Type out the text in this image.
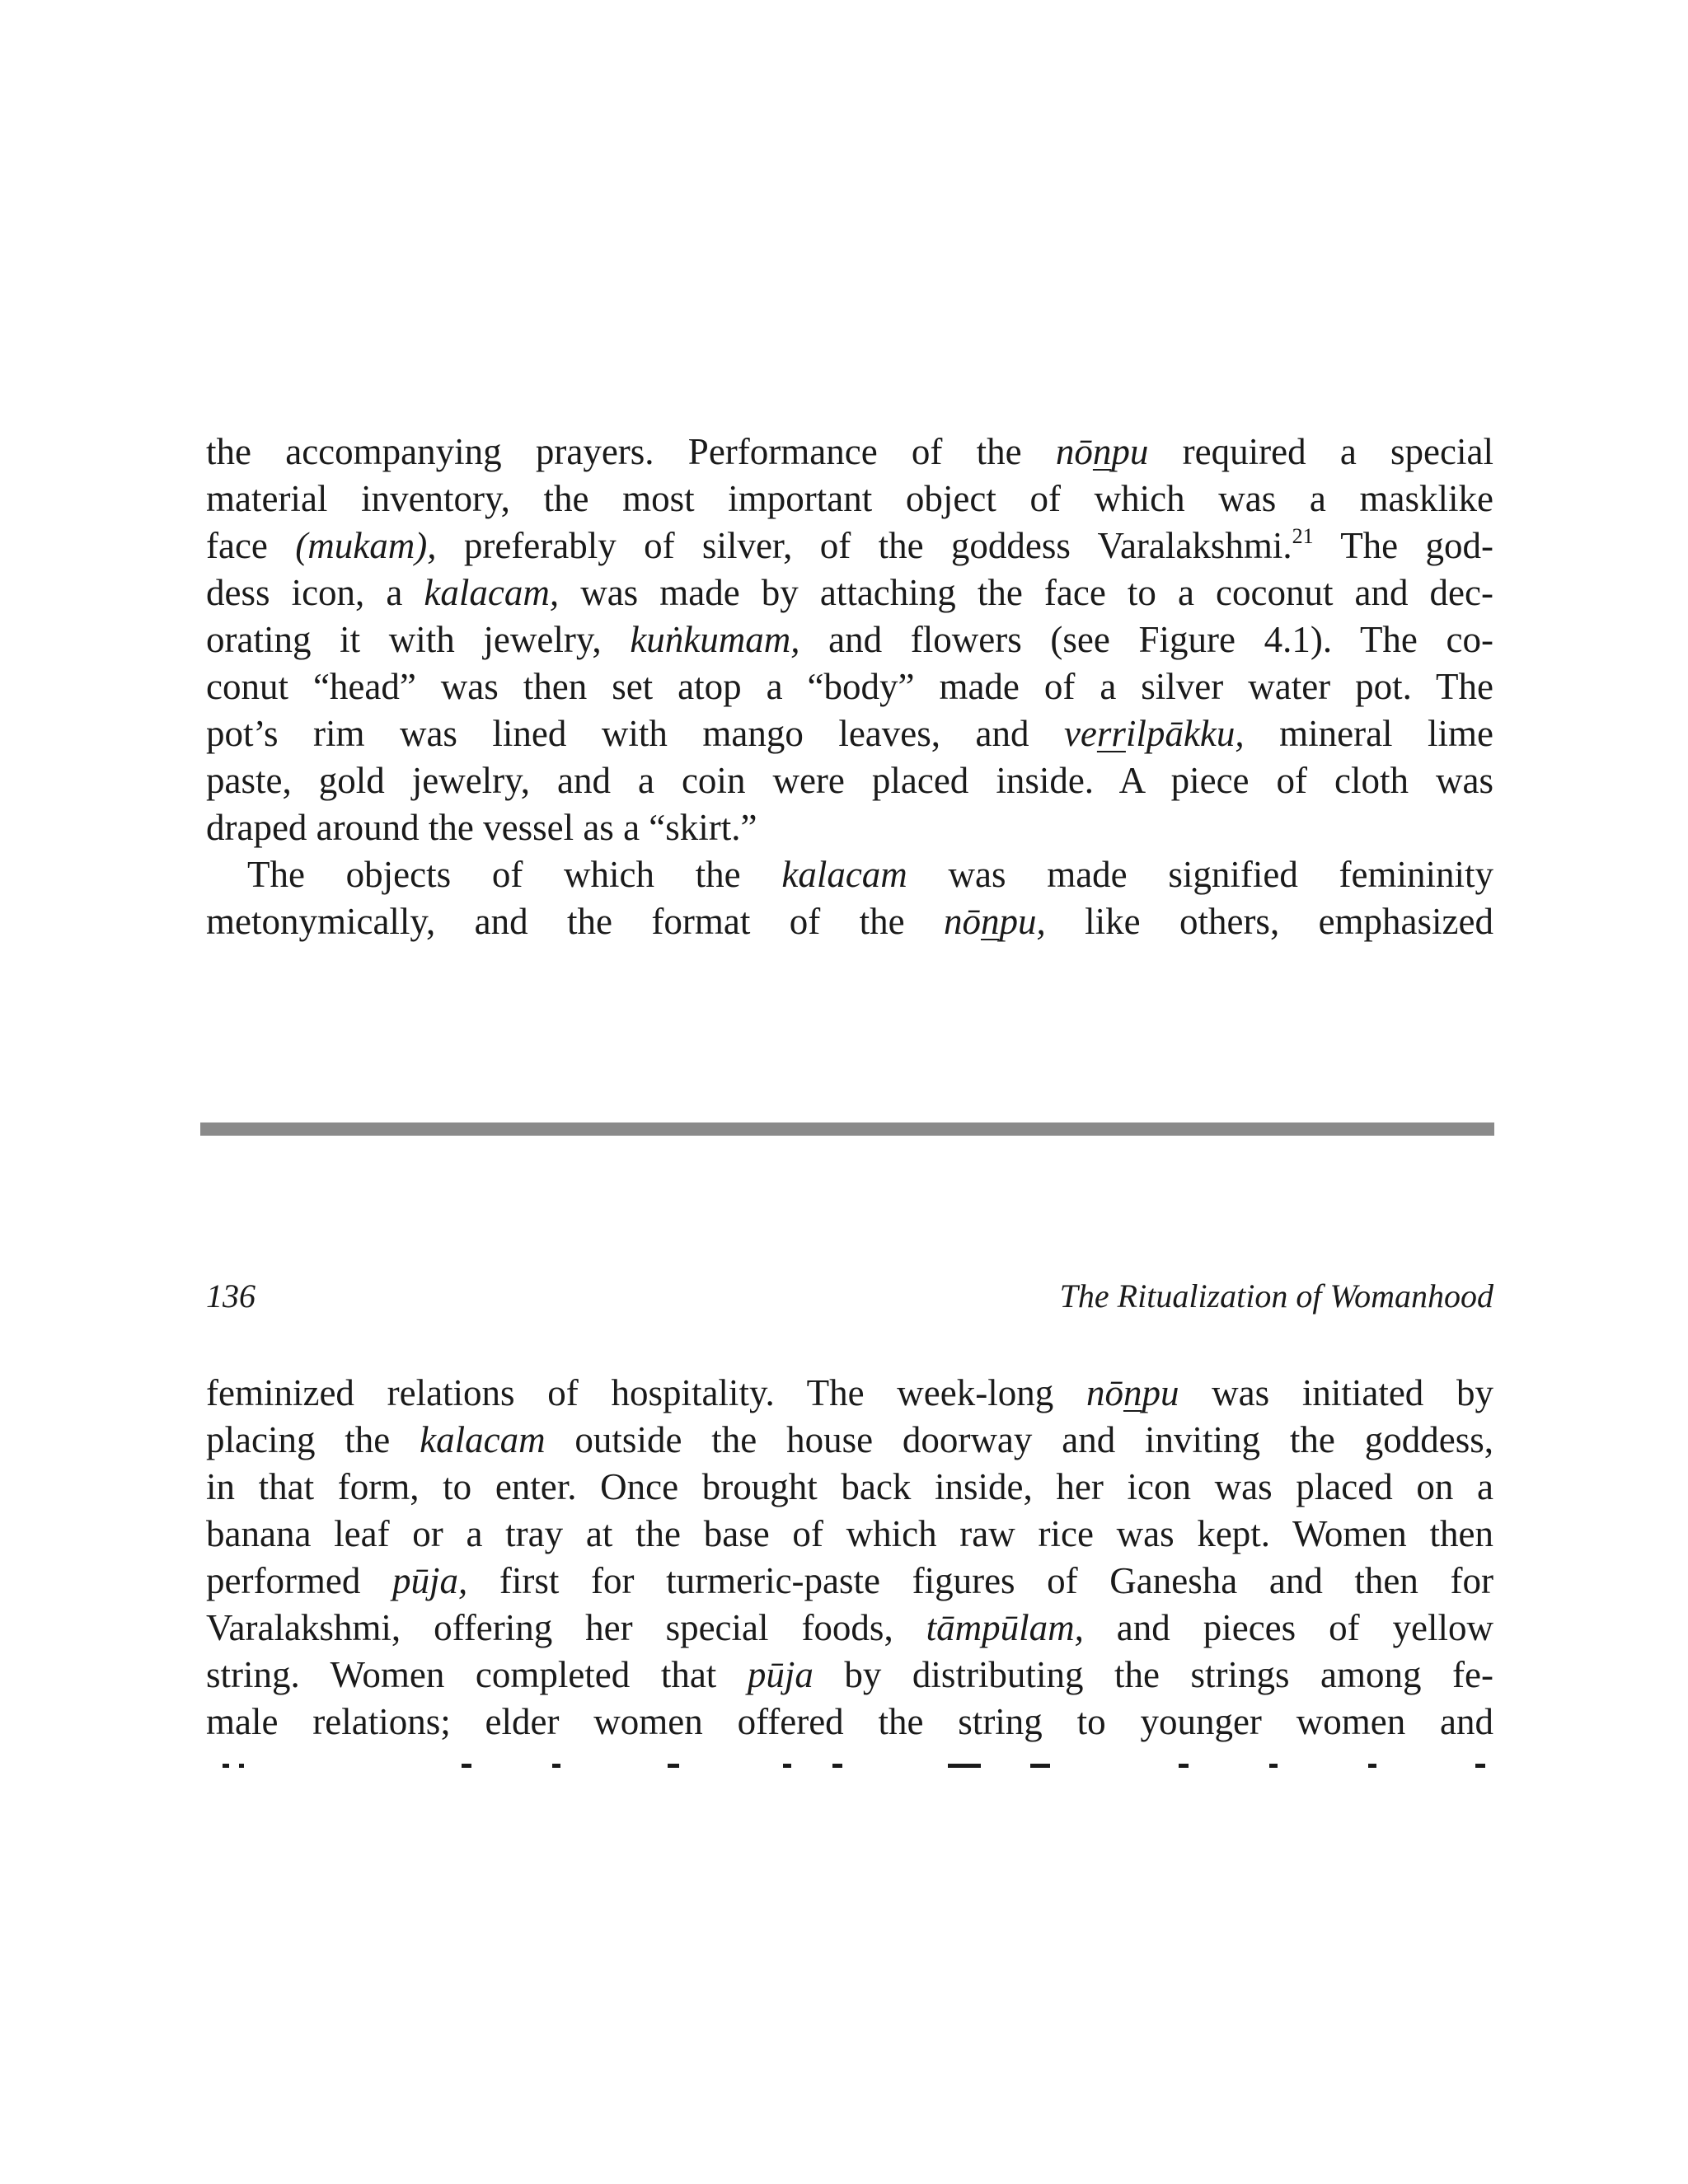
the accompanying prayers. Performance of the nōnpu required a special
material inventory, the most important object of which was a masklike
face (mukam), preferably of silver, of the goddess Varalakshmi.$^{21}$ The god-
dess icon, a kalacam, was made by attaching the face to a coconut and dec-
orating it with jewelry, kuṅkumam, and flowers (see Figure 4.1). The co-
conut “head” was then set atop a “body” made of a silver water pot. The
pot’s rim was lined with mango leaves, and verrilpākku, mineral lime
paste, gold jewelry, and a coin were placed inside. A piece of cloth was
draped around the vessel as a “skirt.”
The objects of which the kalacam was made signified femininity
metonymically, and the format of the nōnpu, like others, emphasized
136	The Ritualization of Womanhood
feminized relations of hospitality. The week-long nōnpu was initiated by
placing the kalacam outside the house doorway and inviting the goddess,
in that form, to enter. Once brought back inside, her icon was placed on a
banana leaf or a tray at the base of which raw rice was kept. Women then
performed pūja, first for turmeric-paste figures of Ganesha and then for
Varalakshmi, offering her special foods, tāmpūlam, and pieces of yellow
string. Women completed that pūja by distributing the strings among fe-
male relations; elder women offered the string to younger women and
